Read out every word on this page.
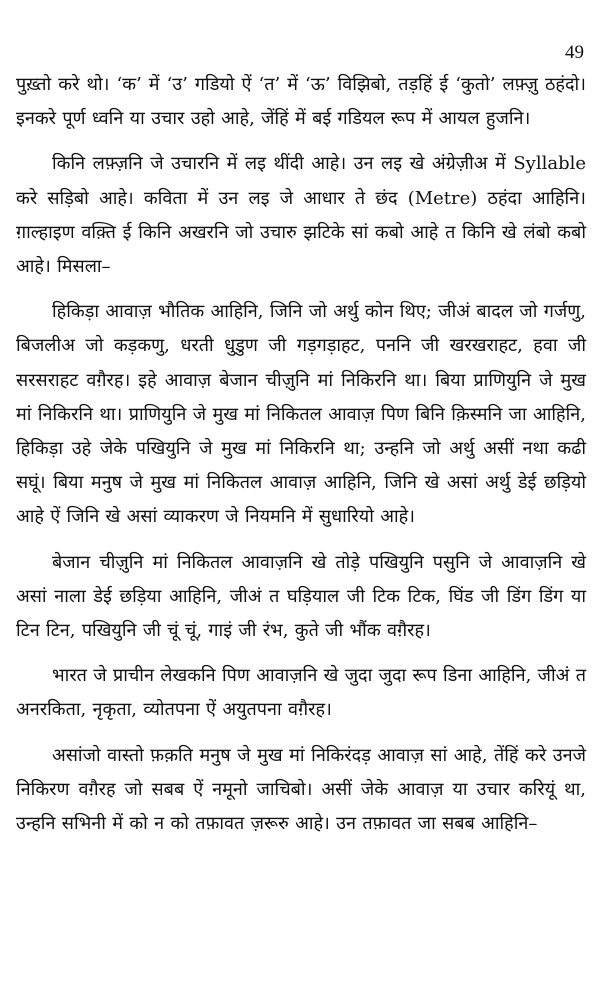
49

पुख़्तो करे थो। ‘क’ में ‘उ’ गडियो ऐं ‘त’ में ‘ऊ’ विझिबो, तड़हिं ई ‘कुतो’ लफ़्ज़ु ठहंदो। इनकरे पूर्ण ध्वनि या उचार उहो आहे, जेंहिं में बई गडियल रूप में आयल हुजनि।

किनि लफ़्ज़नि जे उचारनि में लइ थींदी आहे। उन लइ खे अंग्रेज़ीअ में Syllable करे सड़िबो आहे। कविता में उन लइ जे आधार ते छंद (Metre) ठहंदा आहिनि। ग़ाल्हाइण वक़्ति ई किनि अखरनि जो उचारु झटिके सां कबो आहे त किनि खे लंबो कबो आहे। मिसला–

हिकिड़ा आवाज़ भौतिक आहिनि, जिनि जो अर्थु कोन थिए; जीअं बादल जो गर्जणु, बिजलीअ जो कड़कणु, धरती धुडुण जी गड़गड़ाहट, पननि जी खरखराहट, हवा जी सरसराहट वग़ैरह। इहे आवाज़ बेजान चीज़ुनि मां निकिरनि था। बिया प्राणियुनि जे मुख मां निकिरनि था। प्राणियुनि जे मुख मां निकितल आवाज़ पिण बिनि क़िस्मनि जा आहिनि, हिकिड़ा उहे जेके पखियुनि जे मुख मां निकिरनि था; उन्हनि जो अर्थु असीं नथा कढी सघूं। बिया मनुष जे मुख मां निकितल आवाज़ आहिनि, जिनि खे असां अर्थु डेई छड़ियो आहे ऐं जिनि खे असां व्याकरण जे नियमनि में सुधारियो आहे।

बेजान चीज़ुनि मां निकितल आवाज़नि खे तोड़े पखियुनि पसुनि जे आवाज़नि खे असां नाला डेई छड़िया आहिनि, जीअं त घड़ियाल जी टिक टिक, घिंड जी डिंग डिंग या टिन टिन, पखियुनि जी चूं चूं, गाइं जी रंभ, कुते जी भौंक वग़ैरह।

भारत जे प्राचीन लेखकनि पिण आवाज़नि खे जुदा जुदा रूप डिना आहिनि, जीअं त अनरकिता, नृकृता, व्योतपना ऐं अयुतपना वग़ैरह।

असांजो वास्तो फ़क़ति मनुष जे मुख मां निकिरंदड़ आवाज़ सां आहे, तेंहिं करे उनजे निकिरण वग़ैरह जो सबब ऐं नमूनो जाचिबो। असीं जेके आवाज़ या उचार करियूं था, उन्हनि सभिनी में को न को तफ़ावत ज़रूरु आहे। उन तफ़ावत जा सबब आहिनि–
